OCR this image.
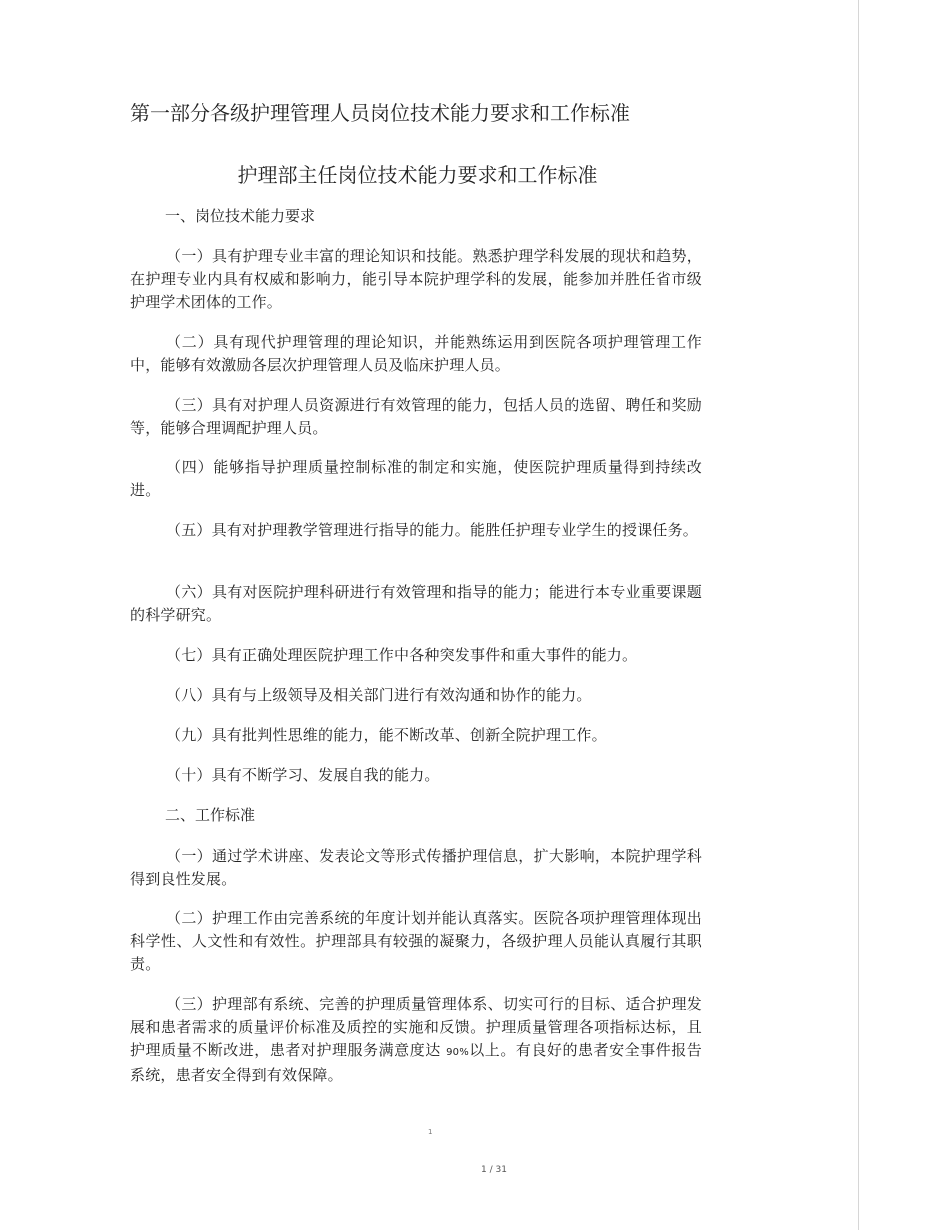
第一部分各级护理管理人员岗位技术能力要求和工作标准
护理部主任岗位技术能力要求和工作标准

一、岗位技术能力要求

（一）具有护理专业丰富的理论知识和技能。熟悉护理学科发展的现状和趋势，在护理专业内具有权威和影响力，能引导本院护理学科的发展，能参加并胜任省市级护理学术团体的工作。

（二）具有现代护理管理的理论知识，并能熟练运用到医院各项护理管理工作中，能够有效激励各层次护理管理人员及临床护理人员。

（三）具有对护理人员资源进行有效管理的能力，包括人员的选留、聘任和奖励等，能够合理调配护理人员。

（四）能够指导护理质量控制标准的制定和实施，使医院护理质量得到持续改进。

（五）具有对护理教学管理进行指导的能力。能胜任护理专业学生的授课任务。

（六）具有对医院护理科研进行有效管理和指导的能力；能进行本专业重要课题的科学研究。

（七）具有正确处理医院护理工作中各种突发事件和重大事件的能力。

（八）具有与上级领导及相关部门进行有效沟通和协作的能力。

（九）具有批判性思维的能力，能不断改革、创新全院护理工作。

（十）具有不断学习、发展自我的能力。

二、工作标准

（一）通过学术讲座、发表论文等形式传播护理信息，扩大影响，本院护理学科得到良性发展。

（二）护理工作由完善系统的年度计划并能认真落实。医院各项护理管理体现出科学性、人文性和有效性。护理部具有较强的凝聚力，各级护理人员能认真履行其职责。

（三）护理部有系统、完善的护理质量管理体系、切实可行的目标、适合护理发展和患者需求的质量评价标准及质控的实施和反馈。护理质量管理各项指标达标，且护理质量不断改进，患者对护理服务满意度达 90%以上。有良好的患者安全事件报告系统，患者安全得到有效保障。

1
1 / 31
